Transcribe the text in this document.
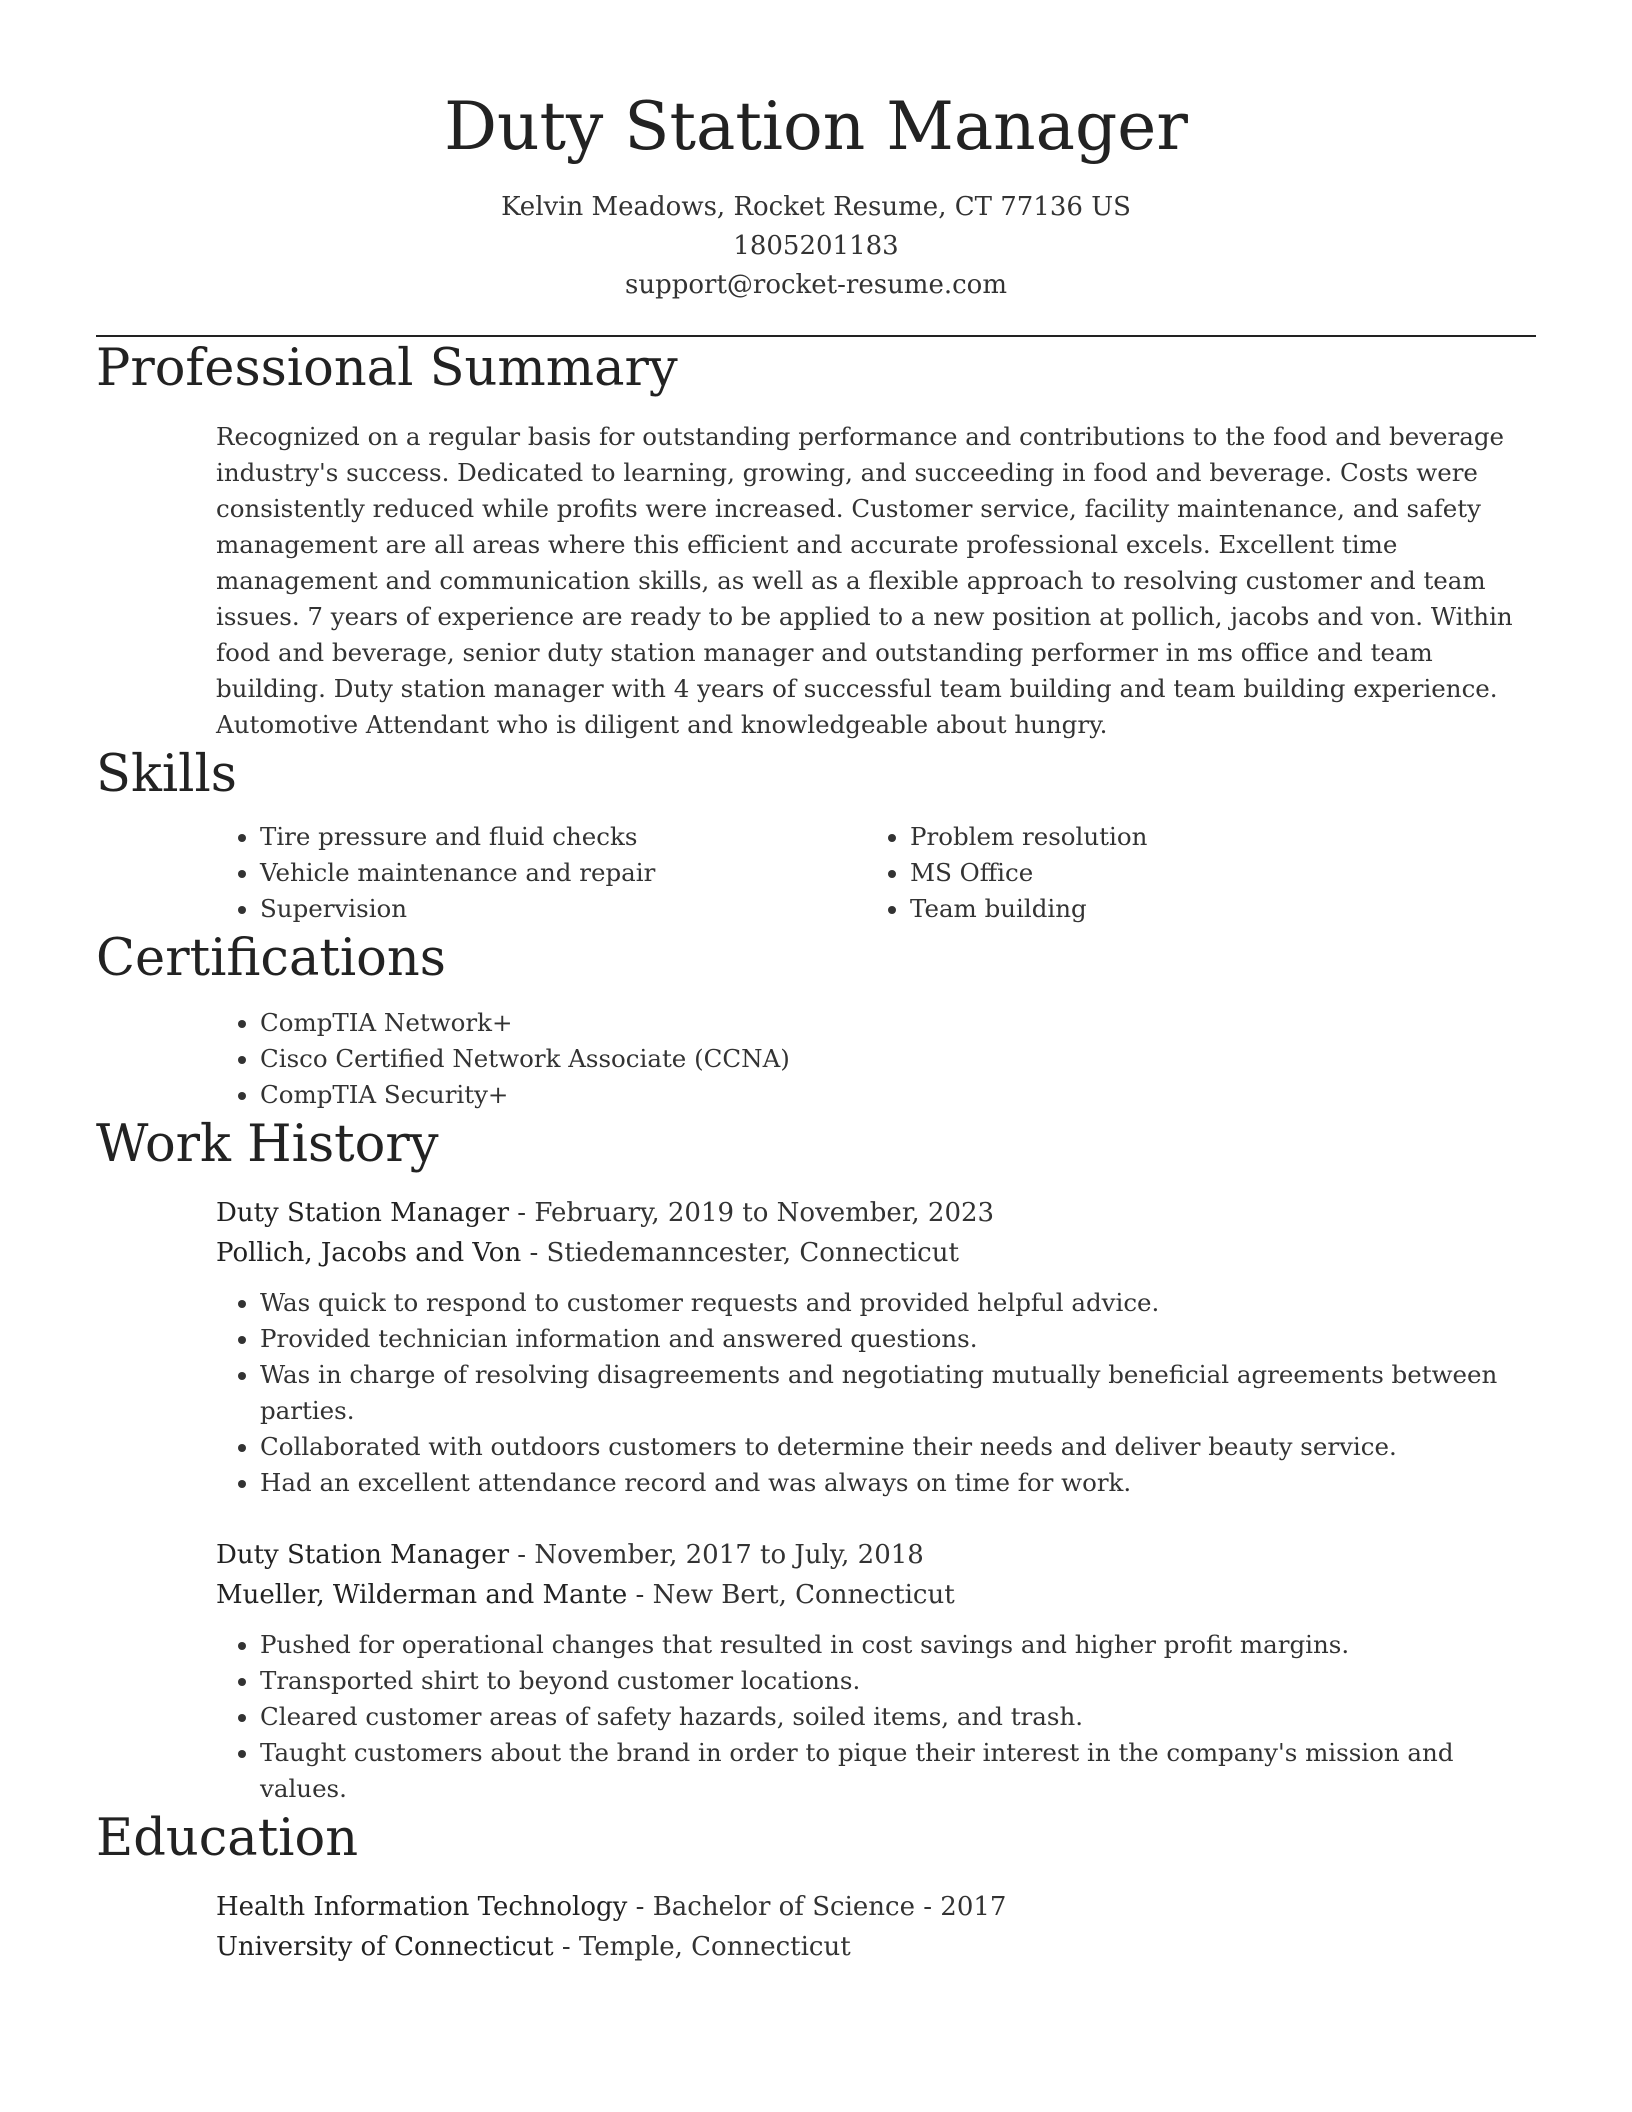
Duty Station Manager
Kelvin Meadows, Rocket Resume, CT 77136 US
1805201183
support@rocket-resume.com
Professional Summary
Recognized on a regular basis for outstanding performance and contributions to the food and beverage industry's success. Dedicated to learning, growing, and succeeding in food and beverage. Costs were consistently reduced while profits were increased. Customer service, facility maintenance, and safety management are all areas where this efficient and accurate professional excels. Excellent time management and communication skills, as well as a flexible approach to resolving customer and team issues. 7 years of experience are ready to be applied to a new position at pollich, jacobs and von. Within food and beverage, senior duty station manager and outstanding performer in ms office and team building. Duty station manager with 4 years of successful team building and team building experience. Automotive Attendant who is diligent and knowledgeable about hungry.
Skills
• Tire pressure and fluid checks
• Vehicle maintenance and repair
• Supervision
• Problem resolution
• MS Office
• Team building
Certifications
• CompTIA Network+
• Cisco Certified Network Associate (CCNA)
• CompTIA Security+
Work History
Duty Station Manager - February, 2019 to November, 2023
Pollich, Jacobs and Von - Stiedemanncester, Connecticut
• Was quick to respond to customer requests and provided helpful advice.
• Provided technician information and answered questions.
• Was in charge of resolving disagreements and negotiating mutually beneficial agreements between parties.
• Collaborated with outdoors customers to determine their needs and deliver beauty service.
• Had an excellent attendance record and was always on time for work.
Duty Station Manager - November, 2017 to July, 2018
Mueller, Wilderman and Mante - New Bert, Connecticut
• Pushed for operational changes that resulted in cost savings and higher profit margins.
• Transported shirt to beyond customer locations.
• Cleared customer areas of safety hazards, soiled items, and trash.
• Taught customers about the brand in order to pique their interest in the company's mission and values.
Education
Health Information Technology - Bachelor of Science - 2017
University of Connecticut - Temple, Connecticut
